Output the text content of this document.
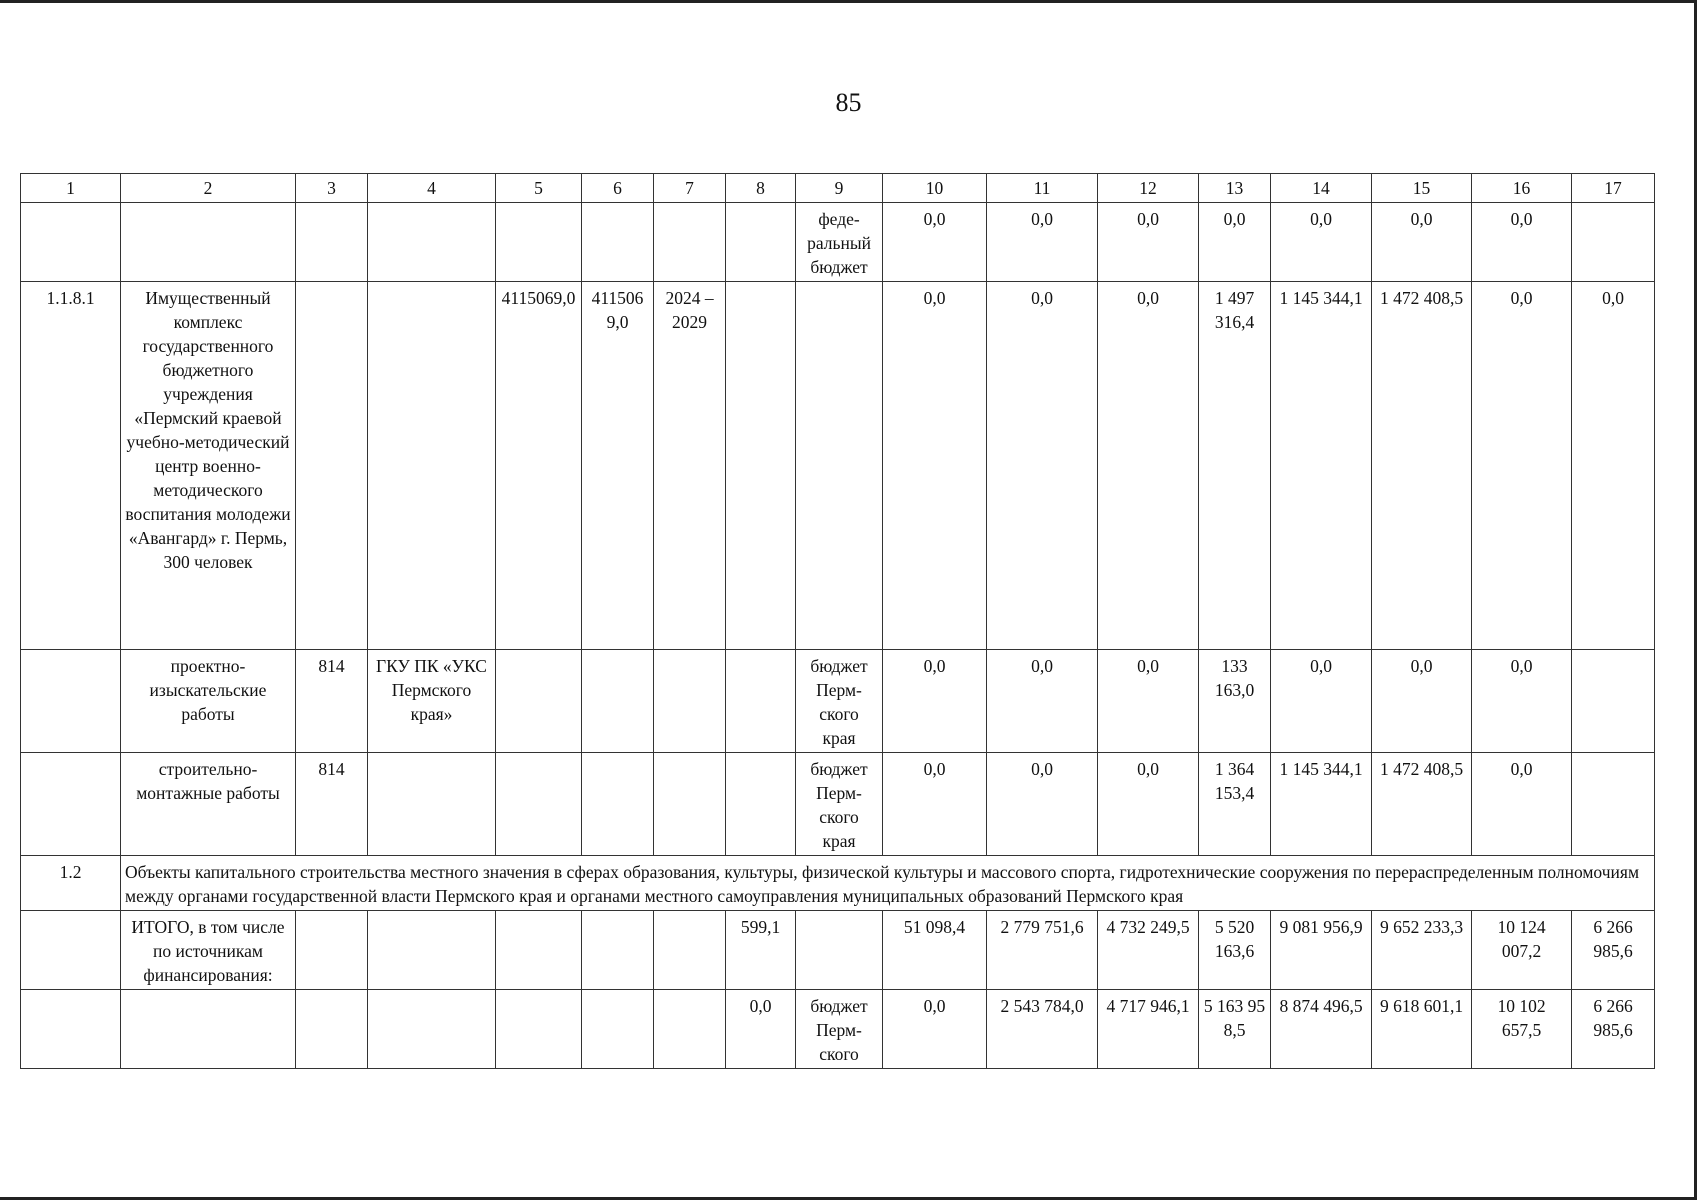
85
1	2	3	4	5	6	7	8	9	10	11	12	13	14	15	16	17
								феде-
ральный
бюджет	0,0	0,0	0,0	0,0	0,0	0,0	0,0	
1.1.8.1	Имущественный комплекс государственного бюджетного учреждения «Пермский краевой учебно-методический центр военно-методического воспитания молодежи «Авангард» г. Пермь, 300 человек			4115069,0	411506
9,0	2024 –
2029			0,0	0,0	0,0	1 497
316,4	1 145 344,1	1 472 408,5	0,0	0,0
	проектно-
изыскательские
работы	814	ГКУ ПК «УКС Пермского края»					бюджет
Перм-
ского
края	0,0	0,0	0,0	133
163,0	0,0	0,0	0,0	
	строительно-
монтажные работы	814						бюджет
Перм-
ского
края	0,0	0,0	0,0	1 364
153,4	1 145 344,1	1 472 408,5	0,0	
1.2	Объекты капитального строительства местного значения в сферах образования, культуры, физической культуры и массового спорта, гидротехнические сооружения по перераспределенным полномочиям между органами государственной власти Пермского края и органами местного самоуправления муниципальных образований Пермского края															
	ИТОГО, в том числе по источникам финансирования:						599,1		51 098,4	2 779 751,6	4 732 249,5	5 520
163,6	9 081 956,9	9 652 233,3	10 124
007,2	6 266
985,6
							0,0	бюджет
Перм-
ского	0,0	2 543 784,0	4 717 946,1	5 163 95
8,5	8 874 496,5	9 618 601,1	10 102
657,5	6 266
985,6
